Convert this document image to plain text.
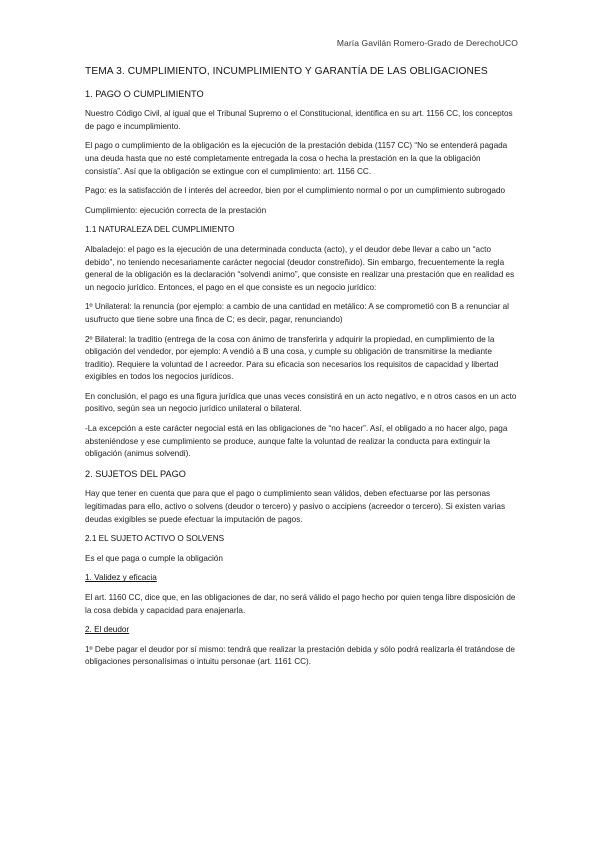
María Gavilán Romero-Grado de DerechoUCO
TEMA 3. CUMPLIMIENTO, INCUMPLIMIENTO Y GARANTÍA DE LAS OBLIGACIONES
1. PAGO O CUMPLIMIENTO

Nuestro Código Civil, al igual que el Tribunal Supremo o el Constitucional, identifica en su art. 1156 CC, los conceptos de pago e incumplimiento.

El pago o cumplimiento de la obligación es la ejecución de la prestación debida (1157 CC) “No se entenderá pagada una deuda hasta que no esté completamente entregada la cosa o hecha la prestación en la que la obligación consistía”. Así que la obligación se extingue con el cumplimiento: art. 1156 CC.

Pago: es la satisfacción de l interés del acreedor, bien por el cumplimiento normal o por un cumplimiento subrogado

Cumplimiento: ejecución correcta de la prestación

1.1 NATURALEZA DEL CUMPLIMIENTO

Albaladejo: el pago es la ejecución de una determinada conducta (acto), y el deudor debe llevar a cabo un “acto debido”, no teniendo necesariamente carácter negocial (deudor constreñido). Sin embargo, frecuentemente la regla general de la obligación es la declaración “solvendi animo”, que consiste en realizar una prestación que en realidad es un negocio jurídico. Entonces, el pago en el que consiste es un negocio jurídico:

1º Unilateral: la renuncia (por ejemplo: a cambio de una cantidad en metálico: A se comprometió con B a renunciar al usufructo que tiene sobre una finca de C; es decir, pagar, renunciando)

2º Bilateral: la traditio (entrega de la cosa con ánimo de transferirla y adquirir la propiedad, en cumplimiento de la obligación del vendedor, por ejemplo: A vendió a B una cosa, y cumple su obligación de transmitirse la mediante traditio). Requiere la voluntad de l acreedor. Para su eficacia son necesarios los requisitos de capacidad y libertad exigibles en todos los negocios jurídicos.

En conclusión, el pago es una figura jurídica que unas veces consistirá en un acto negativo, e n otros casos en un acto positivo, según sea un negocio jurídico unilateral o bilateral.

-La excepción a este carácter negocial está en las obligaciones de “no hacer”. Así, el obligado a no hacer algo, paga absteniéndose y ese cumplimiento se produce, aunque falte la voluntad de realizar la conducta para extinguir la obligación (animus solvendi).

2. SUJETOS DEL PAGO

Hay que tener en cuenta que para que el pago o cumplimiento sean válidos, deben efectuarse por las personas legitimadas para ello, activo o solvens (deudor o tercero) y pasivo o accipiens (acreedor o tercero). Si existen varias deudas exigibles se puede efectuar la imputación de pagos.

2.1 EL SUJETO ACTIVO O SOLVENS

Es el que paga o cumple la obligación

1. Validez y eficacia

El art. 1160 CC, dice que, en las obligaciones de dar, no será válido el pago hecho por quien tenga libre disposición de la cosa debida y capacidad para enajenarla.

2. El deudor

1º Debe pagar el deudor por sí mismo: tendrá que realizar la prestación debida y sólo podrá realizarla él tratándose de obligaciones personalísimas o intuitu personae (art. 1161 CC).
